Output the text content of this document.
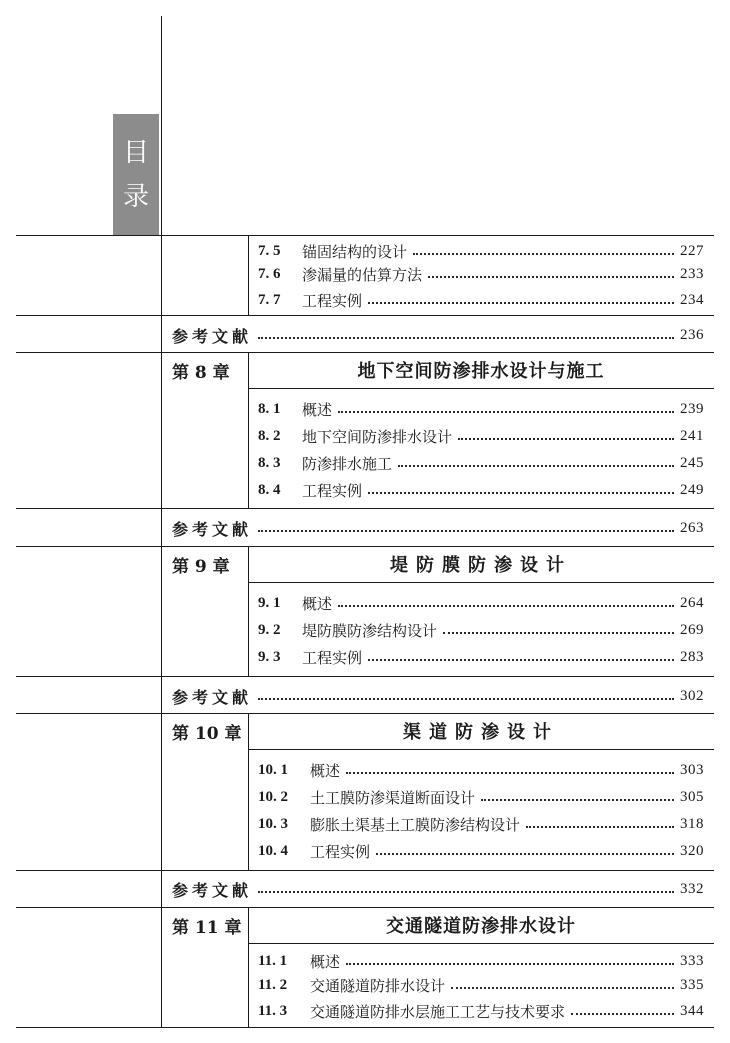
目
录
7. 5	锚固结构的设计	227
7. 6	渗漏量的估算方法	233
7. 7	工程实例	234
参考文献	236
第 8 章	地下空间防渗排水设计与施工
8. 1	概述	239
8. 2	地下空间防渗排水设计	241
8. 3	防渗排水施工	245
8. 4	工程实例	249
参考文献	263
第 9 章	堤防膜防渗设计
9. 1	概述	264
9. 2	堤防膜防渗结构设计	269
9. 3	工程实例	283
参考文献	302
第 10 章	渠道防渗设计
10. 1	概述	303
10. 2	土工膜防渗渠道断面设计	305
10. 3	膨胀土渠基土工膜防渗结构设计	318
10. 4	工程实例	320
参考文献	332
第 11 章	交通隧道防渗排水设计
11. 1	概述	333
11. 2	交通隧道防排水设计	335
11. 3	交通隧道防排水层施工工艺与技术要求	344
